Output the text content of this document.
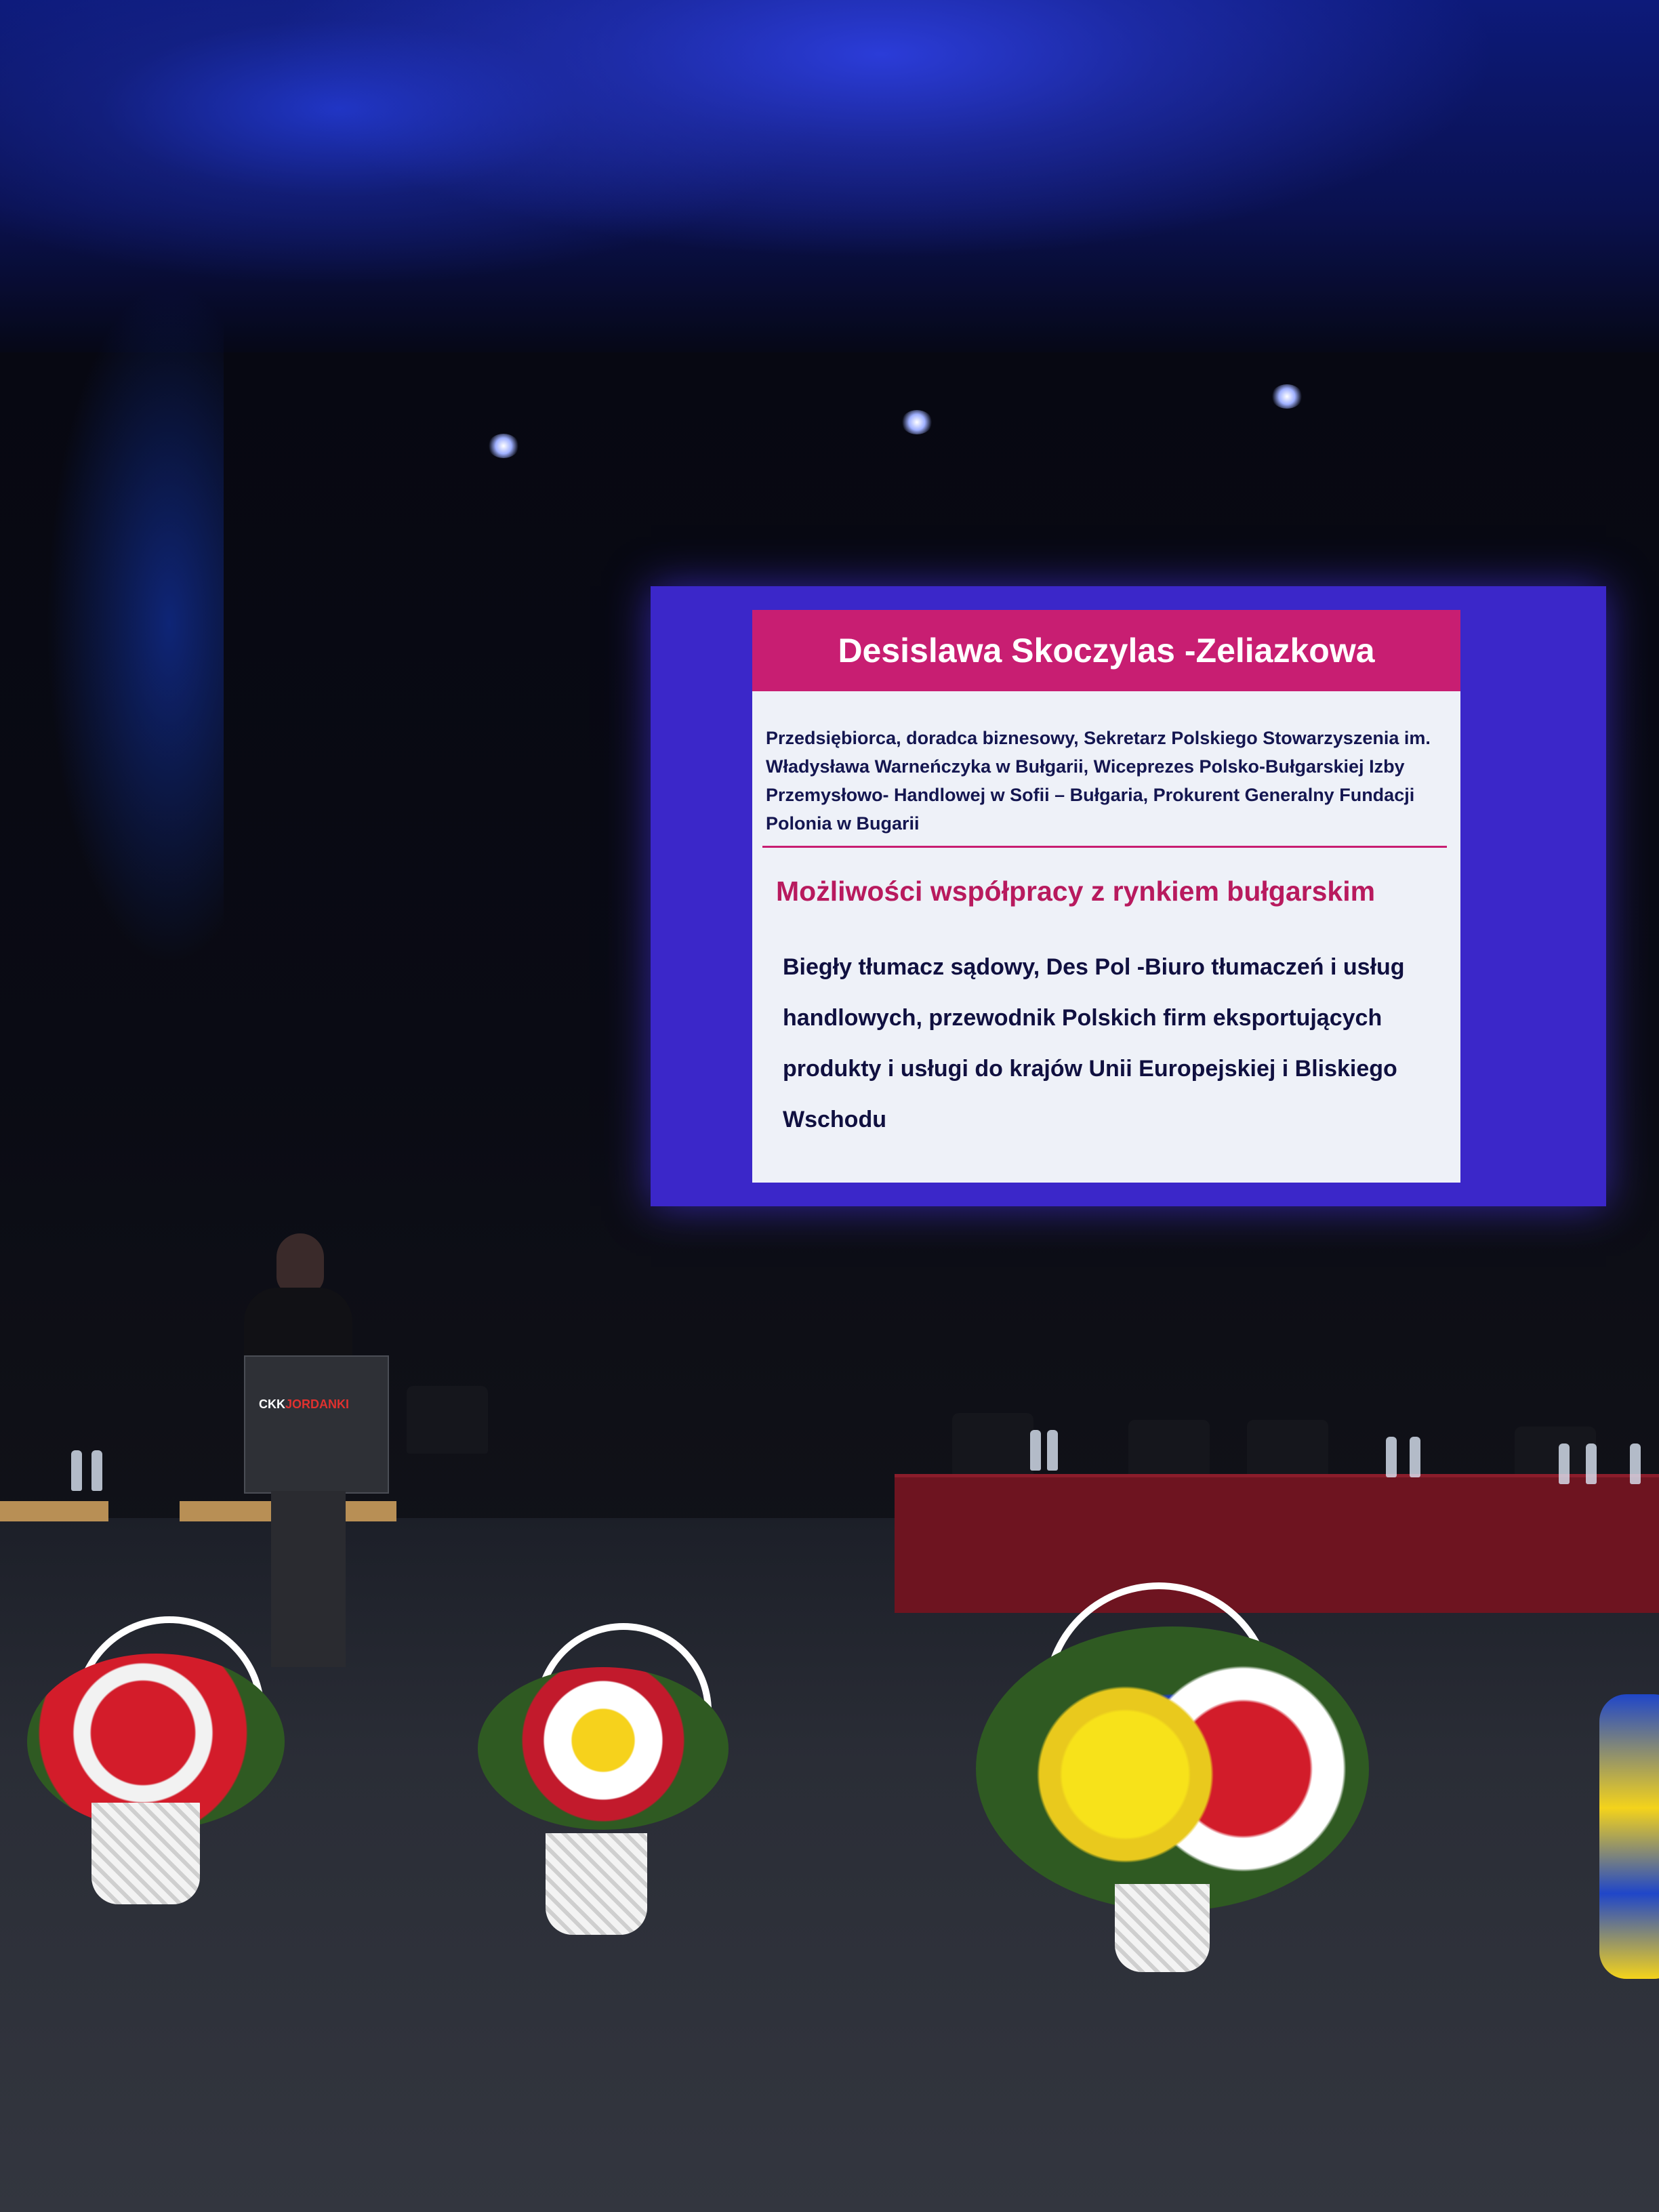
Desislawa Skoczylas -Zeliazkowa
Przedsiębiorca, doradca biznesowy, Sekretarz Polskiego Stowarzyszenia im. Władysława Warneńczyka w Bułgarii, Wiceprezes Polsko-Bułgarskiej Izby Przemysłowo- Handlowej w Sofii – Bułgaria, Prokurent Generalny Fundacji Polonia w Bugarii
Możliwości współpracy z rynkiem bułgarskim
Biegły tłumacz sądowy, Des Pol -Biuro tłumaczeń i usług handlowych, przewodnik Polskich firm eksportujących produkty i usługi do krajów Unii Europejskiej i Bliskiego Wschodu
CKKJORDANKI
